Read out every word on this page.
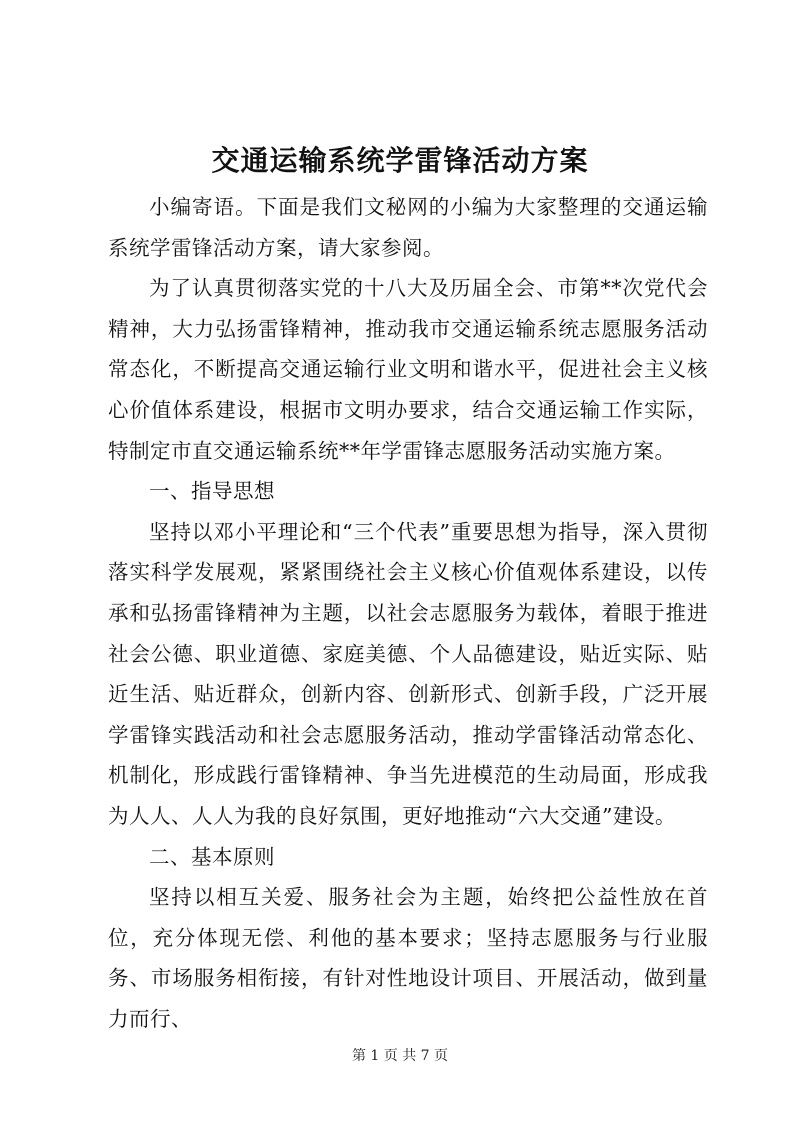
交通运输系统学雷锋活动方案

小编寄语。下面是我们文秘网的小编为大家整理的交通运输系统学雷锋活动方案，请大家参阅。

为了认真贯彻落实党的十八大及历届全会、市第**次党代会精神，大力弘扬雷锋精神，推动我市交通运输系统志愿服务活动常态化，不断提高交通运输行业文明和谐水平，促进社会主义核心价值体系建设，根据市文明办要求，结合交通运输工作实际，特制定市直交通运输系统**年学雷锋志愿服务活动实施方案。

一、指导思想

坚持以邓小平理论和“三个代表”重要思想为指导，深入贯彻落实科学发展观，紧紧围绕社会主义核心价值观体系建设，以传承和弘扬雷锋精神为主题，以社会志愿服务为载体，着眼于推进社会公德、职业道德、家庭美德、个人品德建设，贴近实际、贴近生活、贴近群众，创新内容、创新形式、创新手段，广泛开展学雷锋实践活动和社会志愿服务活动，推动学雷锋活动常态化、机制化，形成践行雷锋精神、争当先进模范的生动局面，形成我为人人、人人为我的良好氛围，更好地推动“六大交通”建设。

二、基本原则

坚持以相互关爱、服务社会为主题，始终把公益性放在首位，充分体现无偿、利他的基本要求；坚持志愿服务与行业服务、市场服务相衔接，有针对性地设计项目、开展活动，做到量力而行、

第 1 页 共 7 页
